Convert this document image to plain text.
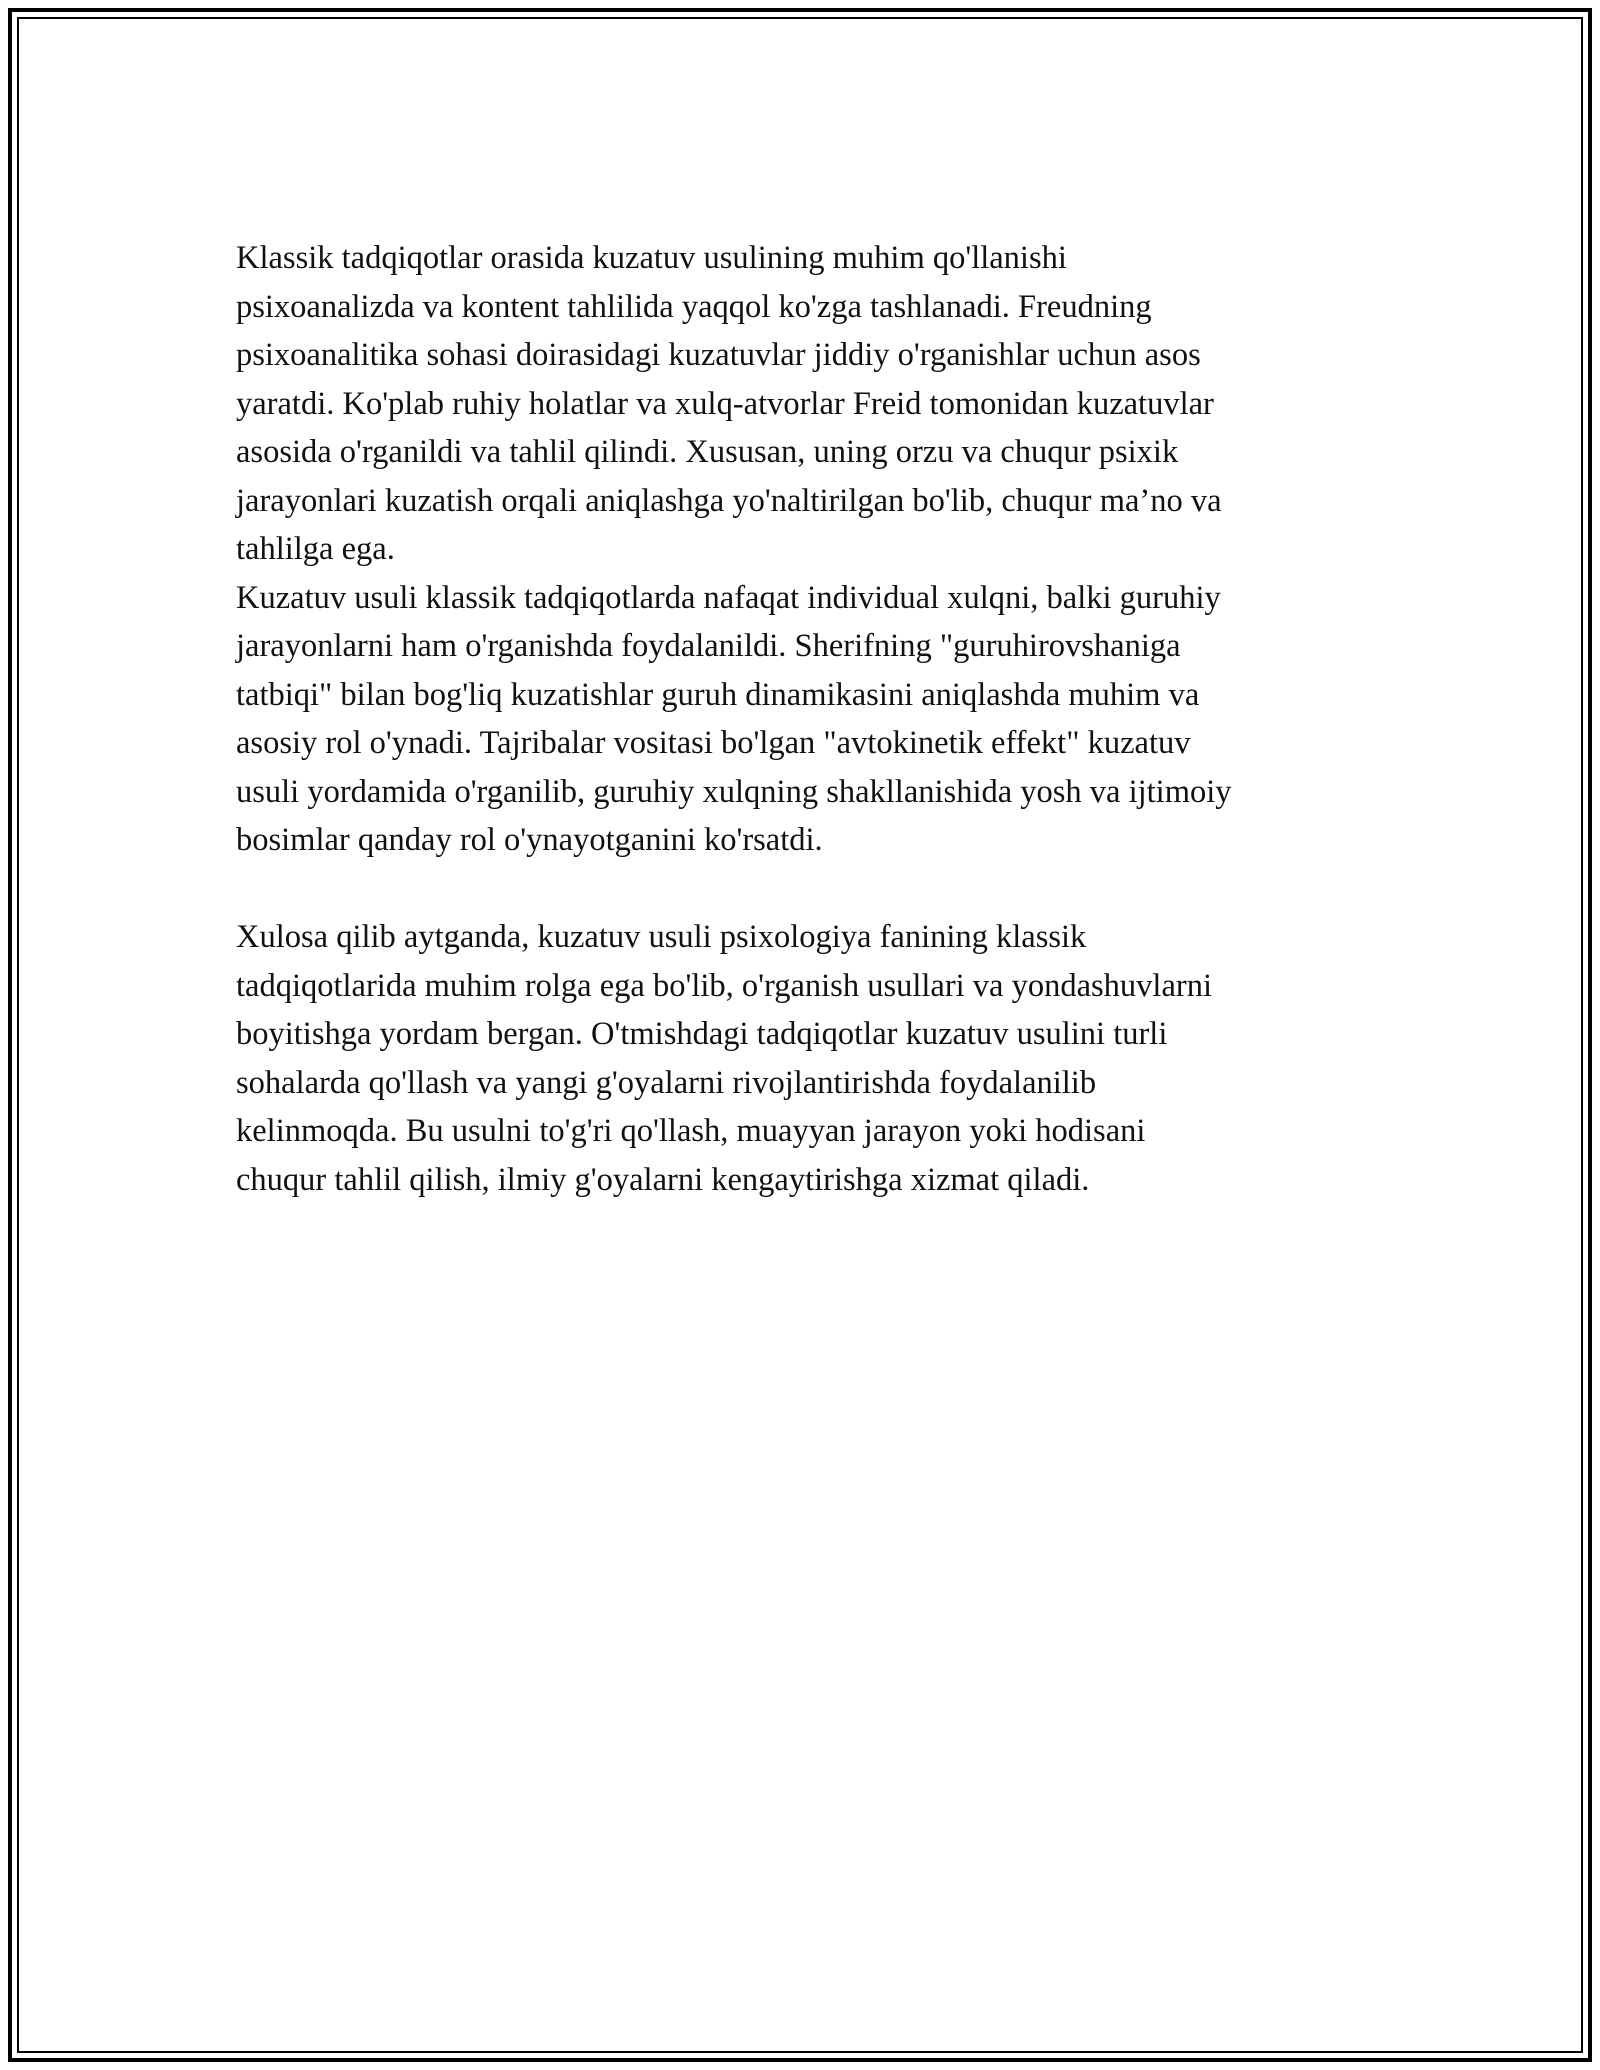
Klassik tadqiqotlar orasida kuzatuv usulining muhim qo'llanishi
psixoanalizda va kontent tahlilida yaqqol ko'zga tashlanadi. Freudning
psixoanalitika sohasi doirasidagi kuzatuvlar jiddiy o'rganishlar uchun asos
yaratdi. Ko'plab ruhiy holatlar va xulq-atvorlar Freid tomonidan kuzatuvlar
asosida o'rganildi va tahlil qilindi. Xususan, uning orzu va chuqur psixik
jarayonlari kuzatish orqali aniqlashga yo'naltirilgan bo'lib, chuqur ma’no va
tahlilga ega.
Kuzatuv usuli klassik tadqiqotlarda nafaqat individual xulqni, balki guruhiy
jarayonlarni ham o'rganishda foydalanildi. Sherifning "guruhirovshaniga
tatbiqi" bilan bog'liq kuzatishlar guruh dinamikasini aniqlashda muhim va
asosiy rol o'ynadi. Tajribalar vositasi bo'lgan "avtokinetik effekt" kuzatuv
usuli yordamida o'rganilib, guruhiy xulqning shakllanishida yosh va ijtimoiy
bosimlar qanday rol o'ynayotganini ko'rsatdi.
Xulosa qilib aytganda, kuzatuv usuli psixologiya fanining klassik
tadqiqotlarida muhim rolga ega bo'lib, o'rganish usullari va yondashuvlarni
boyitishga yordam bergan. O'tmishdagi tadqiqotlar kuzatuv usulini turli
sohalarda qo'llash va yangi g'oyalarni rivojlantirishda foydalanilib
kelinmoqda. Bu usulni to'g'ri qo'llash, muayyan jarayon yoki hodisani
chuqur tahlil qilish, ilmiy g'oyalarni kengaytirishga xizmat qiladi.
